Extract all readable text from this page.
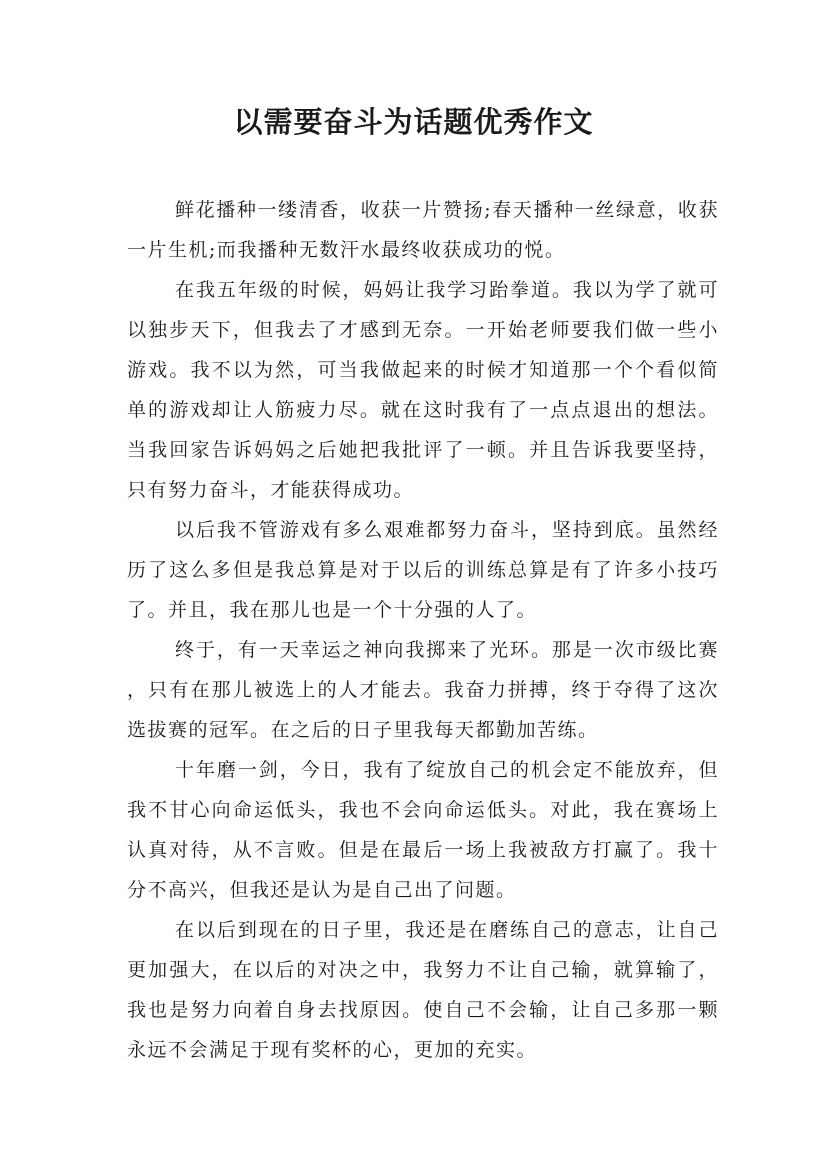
以需要奋斗为话题优秀作文

鲜花播种一缕清香，收获一片赞扬;春天播种一丝绿意，收获一片生机;而我播种无数汗水最终收获成功的悦。

在我五年级的时候，妈妈让我学习跆拳道。我以为学了就可以独步天下，但我去了才感到无奈。一开始老师要我们做一些小游戏。我不以为然，可当我做起来的时候才知道那一个个看似简单的游戏却让人筋疲力尽。就在这时我有了一点点退出的想法。当我回家告诉妈妈之后她把我批评了一顿。并且告诉我要坚持，只有努力奋斗，才能获得成功。

以后我不管游戏有多么艰难都努力奋斗，坚持到底。虽然经历了这么多但是我总算是对于以后的训练总算是有了许多小技巧了。并且，我在那儿也是一个十分强的人了。

终于，有一天幸运之神向我掷来了光环。那是一次市级比赛，只有在那儿被选上的人才能去。我奋力拼搏，终于夺得了这次选拔赛的冠军。在之后的日子里我每天都勤加苦练。

十年磨一剑，今日，我有了绽放自己的机会定不能放弃，但我不甘心向命运低头，我也不会向命运低头。对此，我在赛场上认真对待，从不言败。但是在最后一场上我被敌方打赢了。我十分不高兴，但我还是认为是自己出了问题。

在以后到现在的日子里，我还是在磨练自己的意志，让自己更加强大，在以后的对决之中，我努力不让自己输，就算输了，我也是努力向着自身去找原因。使自己不会输，让自己多那一颗永远不会满足于现有奖杯的心，更加的充实。
